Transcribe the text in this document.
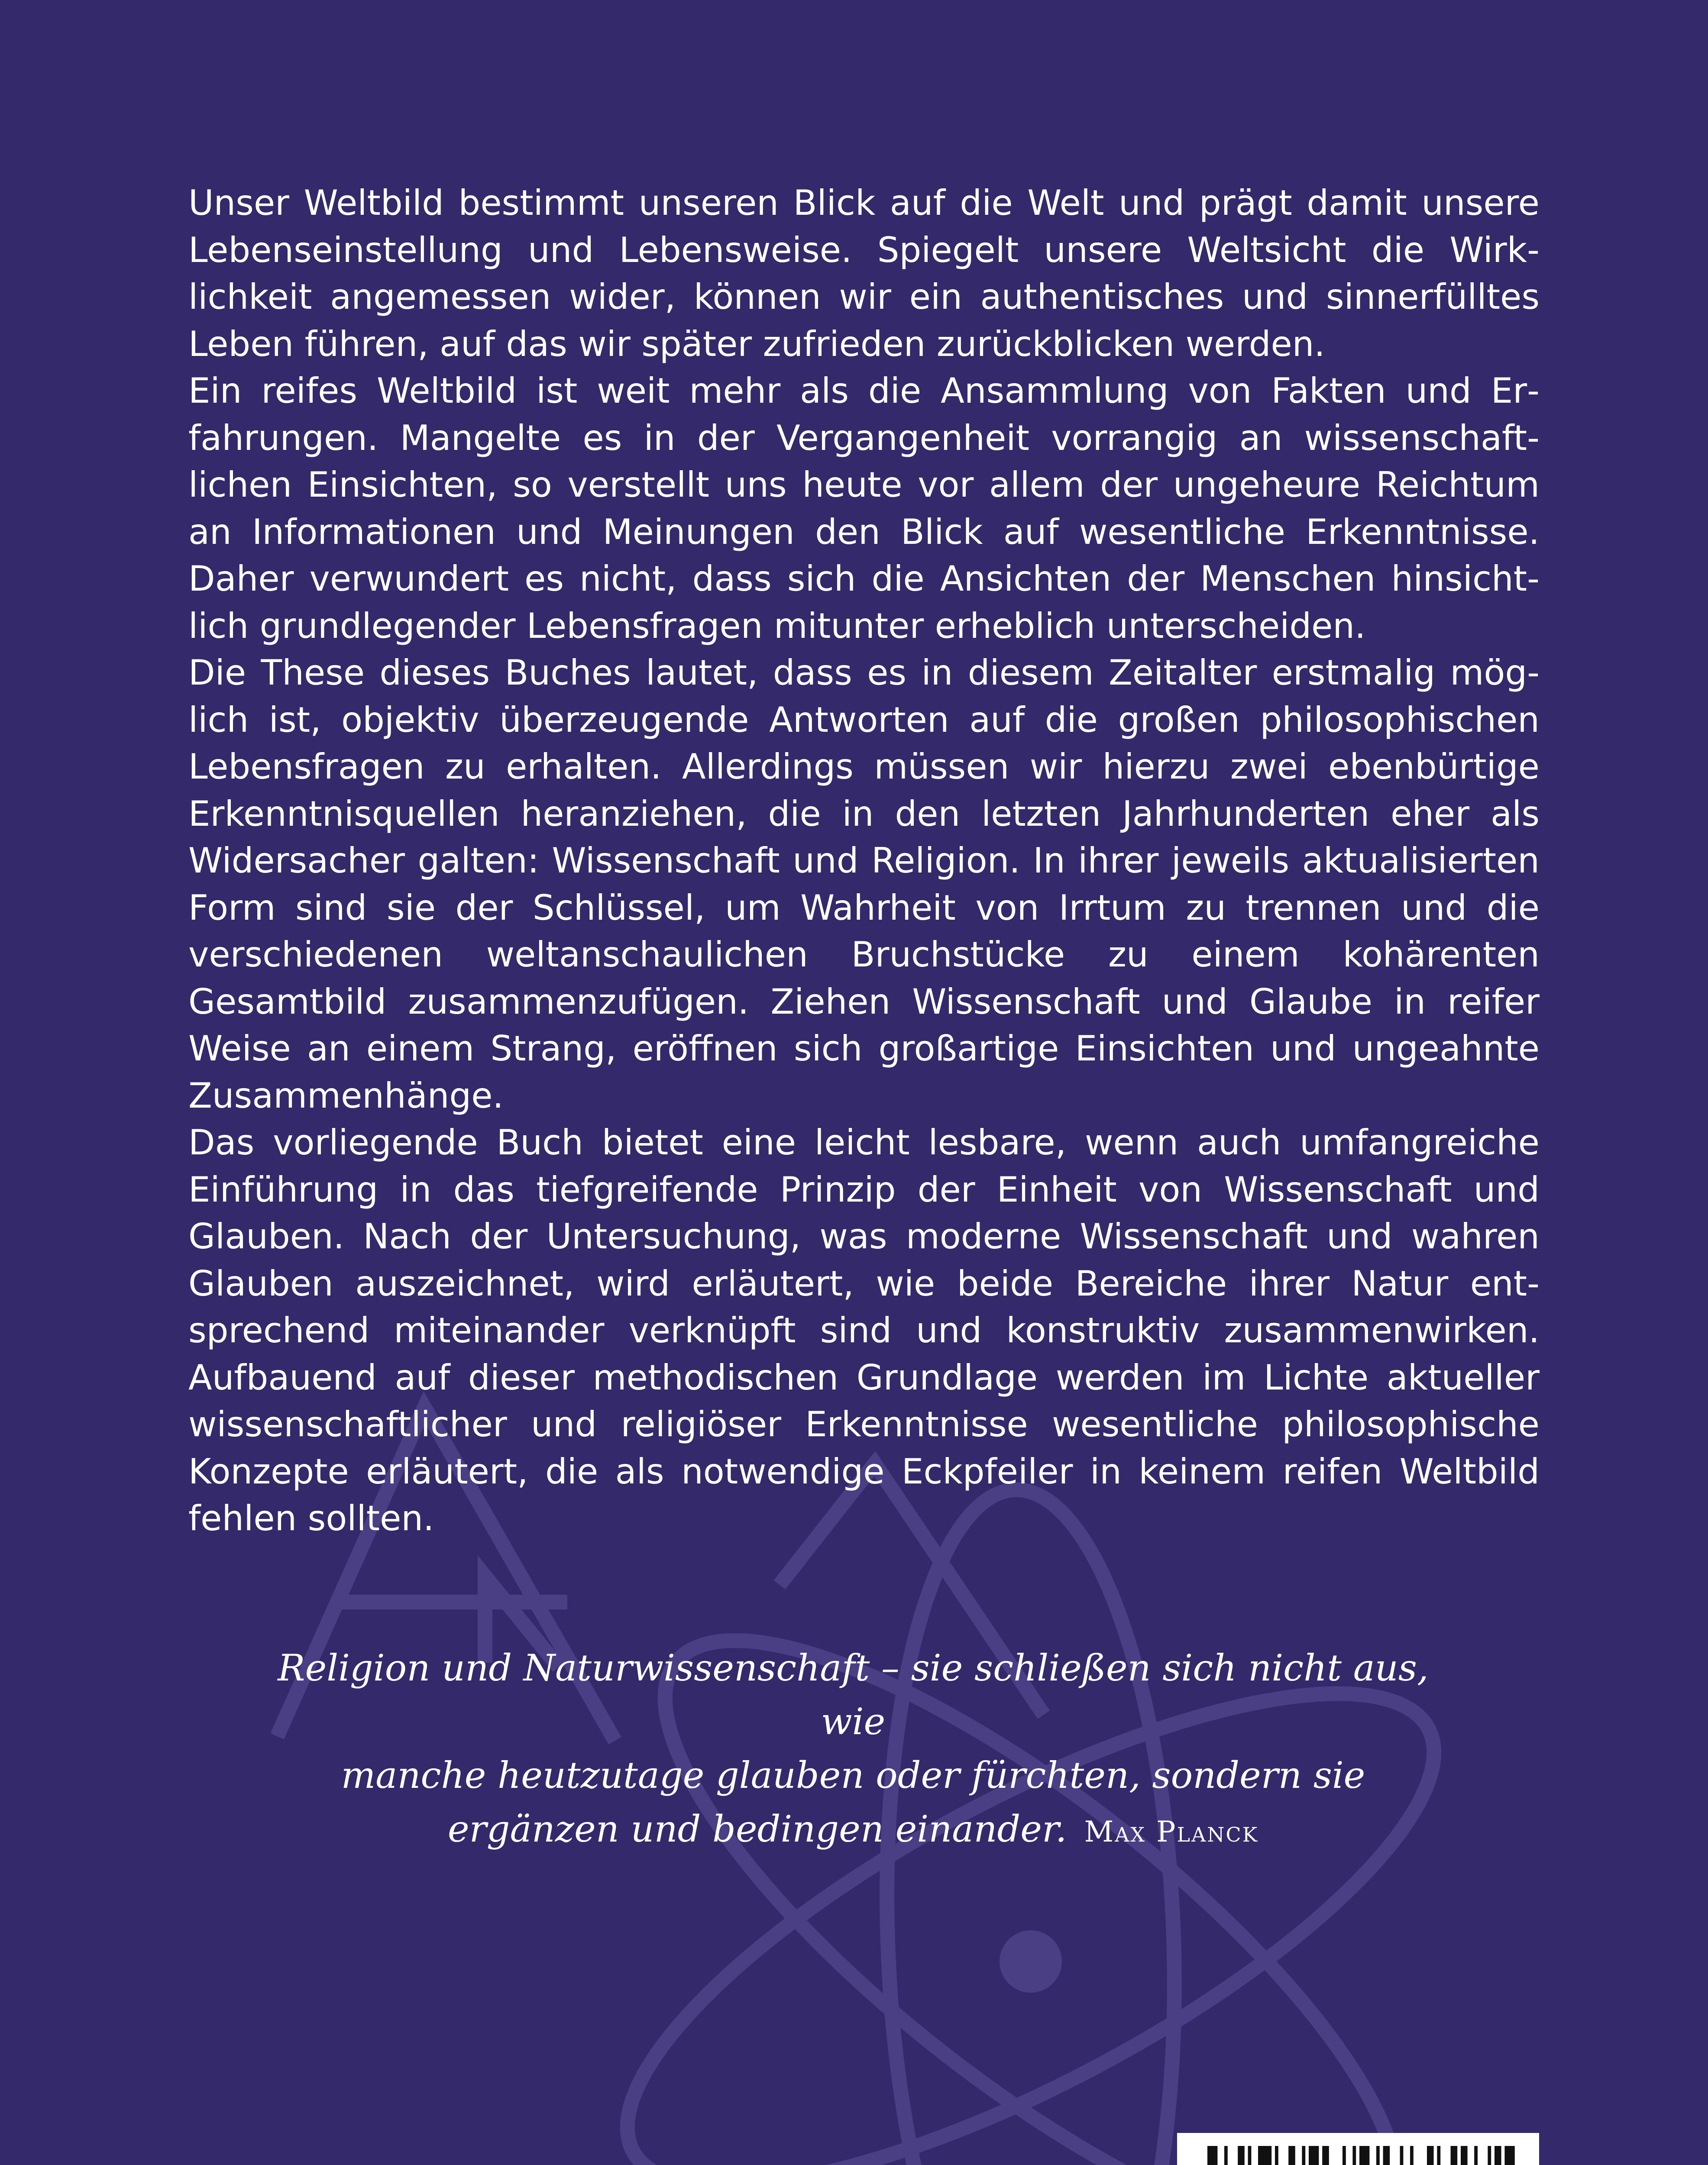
Unser Weltbild bestimmt unseren Blick auf die Welt und prägt damit unsere Lebenseinstellung und Lebensweise. Spiegelt unsere Weltsicht die Wirklichkeit angemessen wider, können wir ein authentisches und sinnerfülltes Leben führen, auf das wir später zufrieden zurückblicken werden.

Ein reifes Weltbild ist weit mehr als die Ansammlung von Fakten und Erfahrungen. Mangelte es in der Vergangenheit vorrangig an wissenschaftlichen Einsichten, so verstellt uns heute vor allem der ungeheure Reichtum an Informationen und Meinungen den Blick auf wesentliche Erkenntnisse. Daher verwundert es nicht, dass sich die Ansichten der Menschen hinsichtlich grundlegender Lebensfragen mitunter erheblich unterscheiden.

Die These dieses Buches lautet, dass es in diesem Zeitalter erstmalig möglich ist, objektiv überzeugende Antworten auf die großen philosophischen Lebensfragen zu erhalten. Allerdings müssen wir hierzu zwei ebenbürtige Erkenntnisquellen heranziehen, die in den letzten Jahrhunderten eher als Widersacher galten: Wissenschaft und Religion. In ihrer jeweils aktualisierten Form sind sie der Schlüssel, um Wahrheit von Irrtum zu trennen und die verschiedenen weltanschaulichen Bruchstücke zu einem kohärenten Gesamtbild zusammenzufügen. Ziehen Wissenschaft und Glaube in reifer Weise an einem Strang, eröffnen sich großartige Einsichten und ungeahnte Zusammenhänge.

Das vorliegende Buch bietet eine leicht lesbare, wenn auch umfangreiche Einführung in das tiefgreifende Prinzip der Einheit von Wissenschaft und Glauben. Nach der Untersuchung, was moderne Wissenschaft und wahren Glauben auszeichnet, wird erläutert, wie beide Bereiche ihrer Natur entsprechend miteinander verknüpft sind und konstruktiv zusammenwirken. Aufbauend auf dieser methodischen Grundlage werden im Lichte aktueller wissenschaftlicher und religiöser Erkenntnisse wesentliche philosophische Konzepte erläutert, die als notwendige Eckpfeiler in keinem reifen Weltbild fehlen sollten.

Religion und Naturwissenschaft – sie schließen sich nicht aus, wie
manche heutzutage glauben oder fürchten, sondern sie
ergänzen und bedingen einander. Max Planck
